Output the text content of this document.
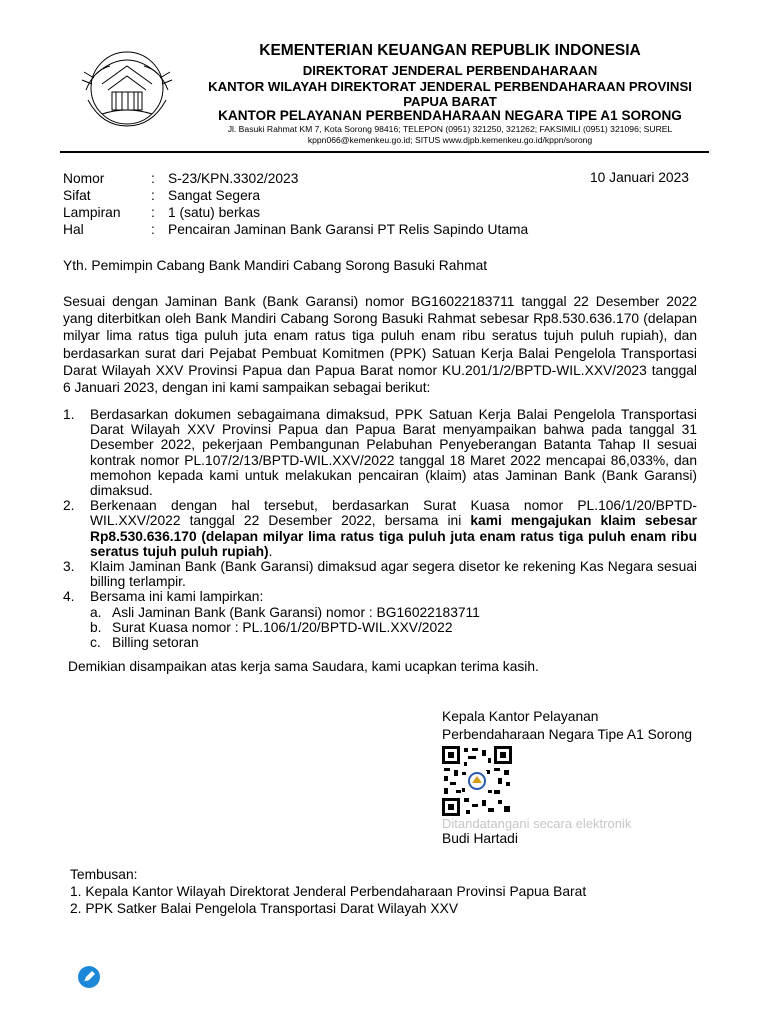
KEMENTERIAN KEUANGAN REPUBLIK INDONESIA
DIREKTORAT JENDERAL PERBENDAHARAAN
KANTOR WILAYAH DIREKTORAT JENDERAL PERBENDAHARAAN PROVINSI
PAPUA BARAT
KANTOR PELAYANAN PERBENDAHARAAN NEGARA TIPE A1 SORONG
Jl. Basuki Rahmat KM 7, Kota Sorong 98416; TELEPON (0951) 321250, 321262; FAKSIMILI (0951) 321096; SUREL
kppn066@kemenkeu.go.id; SITUS www.djpb.kemenkeu.go.id/kppn/sorong
Nomor	: S-23/KPN.3302/2023
Sifat	: Sangat Segera
Lampiran	: 1 (satu) berkas
Hal	: Pencairan Jaminan Bank Garansi PT Relis Sapindo Utama
10 Januari 2023
Yth. Pemimpin Cabang Bank Mandiri Cabang Sorong Basuki Rahmat
Sesuai dengan Jaminan Bank (Bank Garansi) nomor BG16022183711 tanggal 22 Desember 2022 yang diterbitkan oleh Bank Mandiri Cabang Sorong Basuki Rahmat sebesar Rp8.530.636.170 (delapan milyar lima ratus tiga puluh juta enam ratus tiga puluh enam ribu seratus tujuh puluh rupiah), dan berdasarkan surat dari Pejabat Pembuat Komitmen (PPK) Satuan Kerja Balai Pengelola Transportasi Darat Wilayah XXV Provinsi Papua dan Papua Barat nomor KU.201/1/2/BPTD-WIL.XXV/2023 tanggal 6 Januari 2023, dengan ini kami sampaikan sebagai berikut:
1.	Berdasarkan dokumen sebagaimana dimaksud, PPK Satuan Kerja Balai Pengelola Transportasi Darat Wilayah XXV Provinsi Papua dan Papua Barat menyampaikan bahwa pada tanggal 31 Desember 2022, pekerjaan Pembangunan Pelabuhan Penyeberangan Batanta Tahap II sesuai kontrak nomor PL.107/2/13/BPTD-WIL.XXV/2022 tanggal 18 Maret 2022 mencapai 86,033%, dan memohon kepada kami untuk melakukan pencairan (klaim) atas Jaminan Bank (Bank Garansi) dimaksud.
2.	Berkenaan dengan hal tersebut, berdasarkan Surat Kuasa nomor PL.106/1/20/BPTD-WIL.XXV/2022 tanggal 22 Desember 2022, bersama ini kami mengajukan klaim sebesar Rp8.530.636.170 (delapan milyar lima ratus tiga puluh juta enam ratus tiga puluh enam ribu seratus tujuh puluh rupiah).
3.	Klaim Jaminan Bank (Bank Garansi) dimaksud agar segera disetor ke rekening Kas Negara sesuai billing terlampir.
4.	Bersama ini kami lampirkan:
a. Asli Jaminan Bank (Bank Garansi) nomor : BG16022183711
b. Surat Kuasa nomor : PL.106/1/20/BPTD-WIL.XXV/2022
c. Billing setoran
Demikian disampaikan atas kerja sama Saudara, kami ucapkan terima kasih.
Kepala Kantor Pelayanan
Perbendaharaan Negara Tipe A1 Sorong
Ditandatangani secara elektronik
Budi Hartadi
Tembusan:
1. Kepala Kantor Wilayah Direktorat Jenderal Perbendaharaan Provinsi Papua Barat
2. PPK Satker Balai Pengelola Transportasi Darat Wilayah XXV
